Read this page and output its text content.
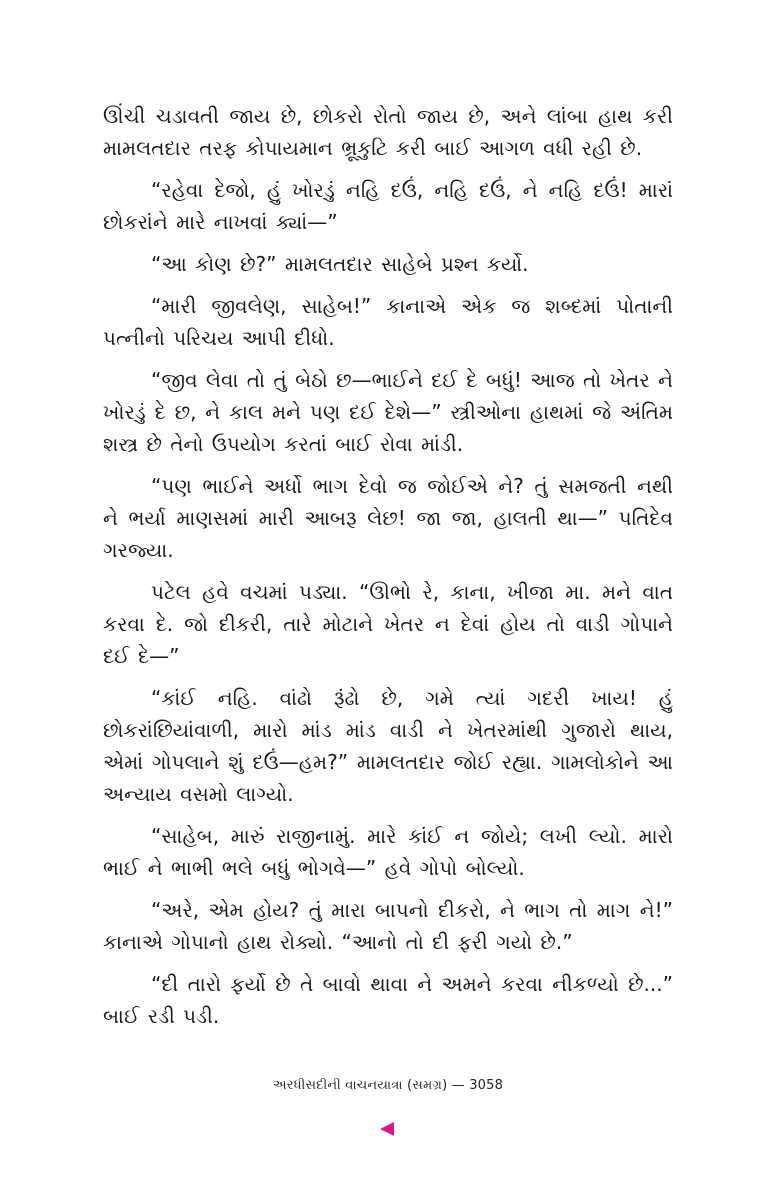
ઊંચી ચડાવતી જાય છે, છોકરો રોતો જાય છે, અને લાંબા હાથ કરી મામલતદાર તરફ કોપાયમાન ભ્રૂકુટિ કરી બાઈ આગળ વધી રહી છે.

“રહેવા દેજો, હું ખોરડું નહિ દઉં, નહિ દઉં, ને નહિ દઉં! મારાં છોકરાંને મારે નાખવાં ક્યાં—”

“આ કોણ છે?” મામલતદાર સાહેબે પ્રશ્ન કર્યો.

“મારી જીવલેણ, સાહેબ!” કાનાએ એક જ શબ્દમાં પોતાની પત્નીનો પરિચય આપી દીધો.

“જીવ લેવા તો તું બેઠો છ—ભાઈને દઈ દે બધું! આજ તો ખેતર ને ખોરડું દે છ, ને કાલ મને પણ દઈ દેશે—” સ્ત્રીઓના હાથમાં જે અંતિમ શસ્ત્ર છે તેનો ઉપયોગ કરતાં બાઈ રોવા માંડી.

“પણ ભાઈને અર્ધો ભાગ દેવો જ જોઈએ ને? તું સમજતી નથી ને ભર્યા માણસમાં મારી આબરૂ લેછ! જા જા, હાલતી થા—” પતિદેવ ગરજ્યા.

પટેલ હવે વચમાં પડ્યા. “ઊભો રે, કાના, ખીજા મા. મને વાત કરવા દે. જો દીકરી, તારે મોટાને ખેતર ન દેવાં હોય તો વાડી ગોપાને દઈ દે—”

“કાંઈ નહિ. વાંઢો રૂંઢો છે, ગમે ત્યાં ગદરી ખાય! હું છોકરાંછિયાંવાળી, મારો માંડ માંડ વાડી ને ખેતરમાંથી ગુજારો થાય, એમાં ગોપલાને શું દઉં—હમ?” મામલતદાર જોઈ રહ્યા. ગામલોકોને આ અન્યાય વસમો લાગ્યો.

“સાહેબ, મારું રાજીનામું. મારે કાંઈ ન જોયે; લખી લ્યો. મારો ભાઈ ને ભાભી ભલે બધું ભોગવે—” હવે ગોપો બોલ્યો.

“અરે, એમ હોય? તું મારા બાપનો દીકરો, ને ભાગ તો માગ ને!” કાનાએ ગોપાનો હાથ રોક્યો. “આનો તો દી ફરી ગયો છે.”

“દી તારો ફર્યો છે તે બાવો થાવા ને અમને કરવા નીકળ્યો છે...” બાઈ રડી પડી.

અરધીસદીની વાચનયાત્રા (સમગ્ર) — 3058
